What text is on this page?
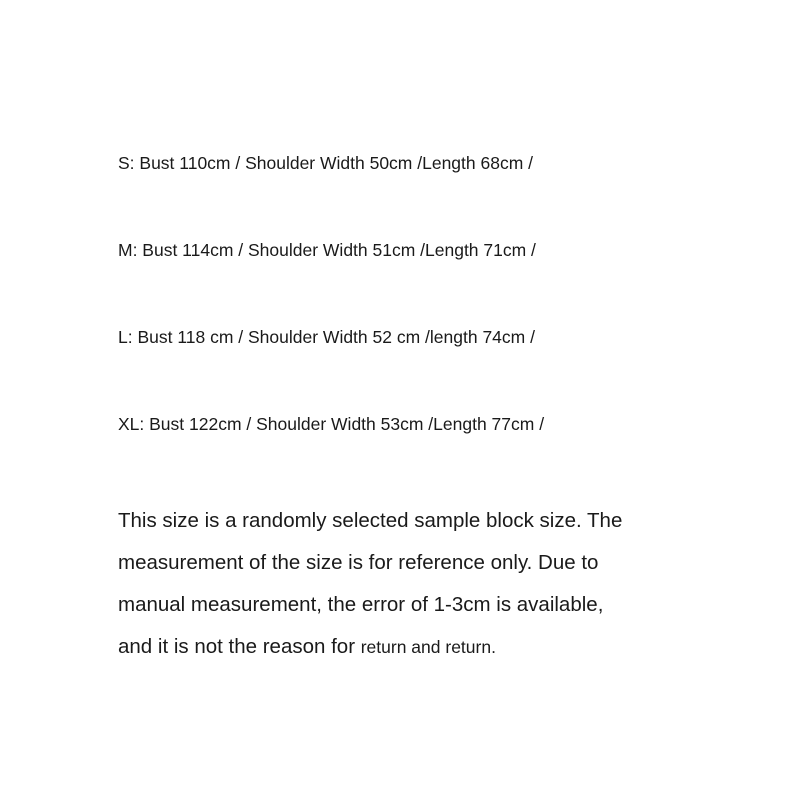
S: Bust 110cm / Shoulder Width 50cm /Length 68cm /
M: Bust 114cm / Shoulder Width 51cm /Length 71cm /
L: Bust 118 cm / Shoulder Width 52 cm /length 74cm /
XL: Bust 122cm / Shoulder Width 53cm /Length 77cm /
This size is a randomly selected sample block size. The
measurement of the size is for reference only. Due to
manual measurement, the error of 1-3cm is available,
and it is not the reason for return and return.
